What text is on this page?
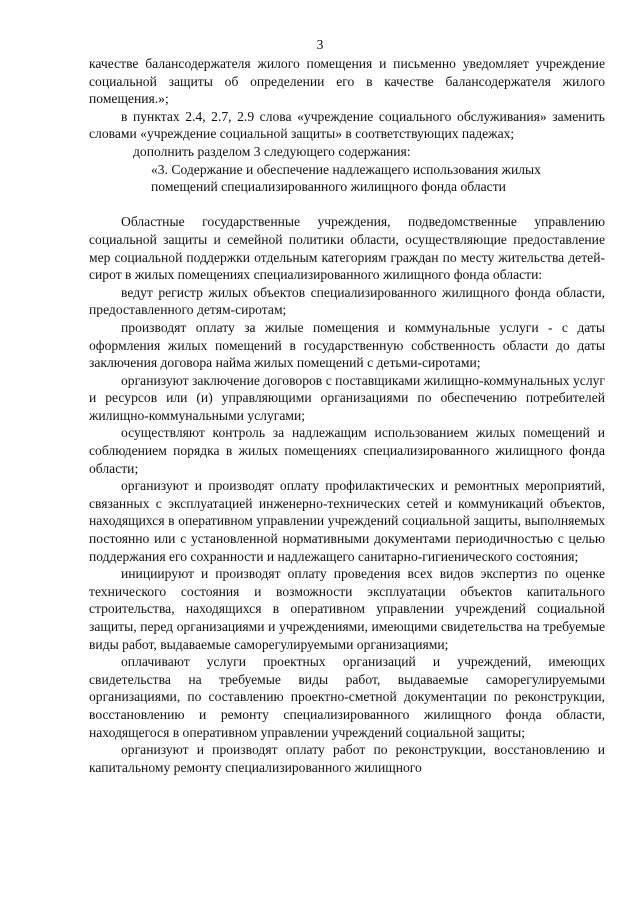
3

качестве балансодержателя жилого помещения и письменно уведомляет учреждение социальной защиты об определении его в качестве балансодержателя жилого помещения.»;

в пунктах 2.4, 2.7, 2.9 слова «учреждение социального обслуживания» заменить словами «учреждение социальной защиты» в соответствующих падежах;

дополнить разделом 3 следующего содержания:

«3. Содержание и обеспечение надлежащего использования жилых
помещений специализированного жилищного фонда области

Областные государственные учреждения, подведомственные управлению социальной защиты и семейной политики области, осуществляющие предоставление мер социальной поддержки отдельным категориям граждан по месту жительства детей-сирот в жилых помещениях специализированного жилищного фонда области:

ведут регистр жилых объектов специализированного жилищного фонда области, предоставленного детям-сиротам;

производят оплату за жилые помещения и коммунальные услуги - с даты оформления жилых помещений в государственную собственность области до даты заключения договора найма жилых помещений с детьми-сиротами;

организуют заключение договоров с поставщиками жилищно-коммунальных услуг и ресурсов или (и) управляющими организациями по обеспечению потребителей жилищно-коммунальными услугами;

осуществляют контроль за надлежащим использованием жилых помещений и соблюдением порядка в жилых помещениях специализированного жилищного фонда области;

организуют и производят оплату профилактических и ремонтных мероприятий, связанных с эксплуатацией инженерно-технических сетей и коммуникаций объектов, находящихся в оперативном управлении учреждений социальной защиты, выполняемых постоянно или с установленной нормативными документами периодичностью с целью поддержания его сохранности и надлежащего санитарно-гигиенического состояния;

инициируют и производят оплату проведения всех видов экспертиз по оценке технического состояния и возможности эксплуатации объектов капитального строительства, находящихся в оперативном управлении учреждений социальной защиты, перед организациями и учреждениями, имеющими свидетельства на требуемые виды работ, выдаваемые саморегулируемыми организациями;

оплачивают услуги проектных организаций и учреждений, имеющих свидетельства на требуемые виды работ, выдаваемые саморегулируемыми организациями, по составлению проектно-сметной документации по реконструкции, восстановлению и ремонту специализированного жилищного фонда области, находящегося в оперативном управлении учреждений социальной защиты;

организуют и производят оплату работ по реконструкции, восстановлению и капитальному ремонту специализированного жилищного
